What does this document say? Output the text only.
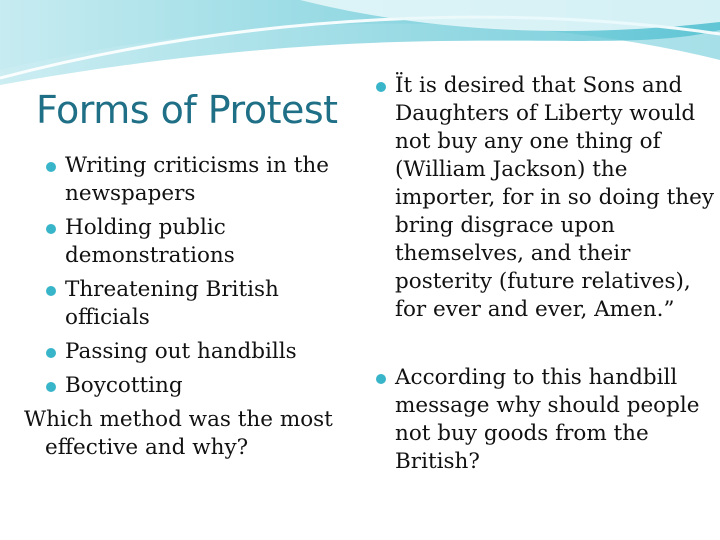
Forms of Protest
Writing criticisms in the newspapers
Holding public demonstrations
Threatening British officials
Passing out handbills
Boycotting

Which method was the most effective and why?

Ït is desired that Sons and Daughters of Liberty would not buy any one thing of (William Jackson) the importer, for in so doing they bring disgrace upon themselves, and their posterity (future relatives), for ever and ever, Amen.”
According to this handbill message why should people not buy goods from the British?
